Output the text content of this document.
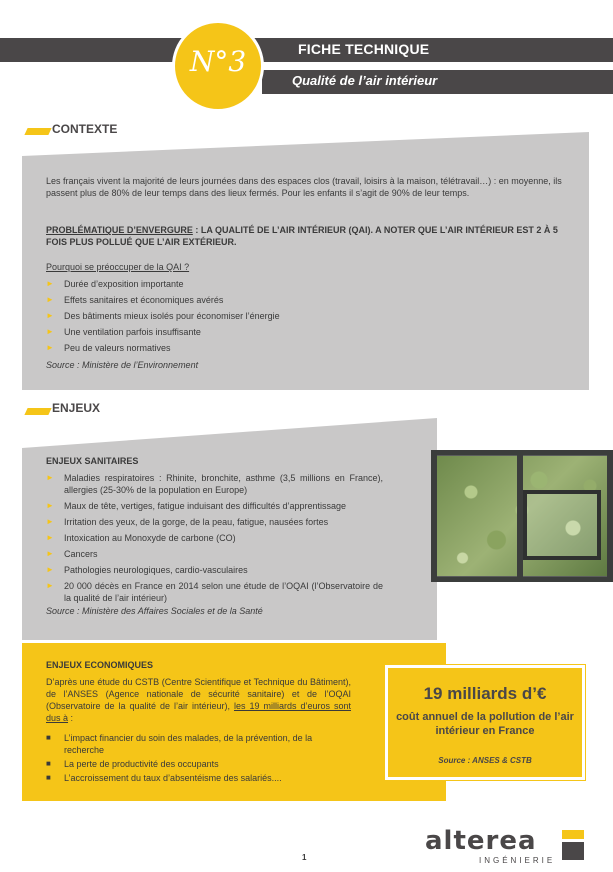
FICHE TECHNIQUE
Qualité de l’air intérieur
N°3
CONTEXTE
Les français vivent la majorité de leurs journées dans des espaces clos (travail, loisirs à la maison, télétravail…) : en moyenne, ils passent plus de 80% de leur temps dans des lieux fermés. Pour les enfants il s’agit de 90% de leur temps.
PROBLÉMATIQUE D’ENVERGURE : LA QUALITÉ DE L’AIR INTÉRIEUR (QAI). A NOTER QUE L’AIR INTÉRIEUR EST 2 À 5 FOIS PLUS POLLUÉ QUE L’AIR EXTÉRIEUR.
Pourquoi se préoccuper de la QAI ?
► Durée d’exposition importante
► Effets sanitaires et économiques avérés
► Des bâtiments mieux isolés pour économiser l’énergie
► Une ventilation parfois insuffisante
► Peu de valeurs normatives
Source : Ministère de l’Environnement
ENJEUX
ENJEUX SANITAIRES
► Maladies respiratoires : Rhinite, bronchite, asthme (3,5 millions en France), allergies (25-30% de la population en Europe)
► Maux de tête, vertiges, fatigue induisant des difficultés d’apprentissage
► Irritation des yeux, de la gorge, de la peau, fatigue, nausées fortes
► Intoxication au Monoxyde de carbone (CO)
► Cancers
► Pathologies neurologiques, cardio-vasculaires
► 20 000 décès en France en 2014 selon une étude de l’OQAI (l’Observatoire de la qualité de l’air intérieur)
Source : Ministère des Affaires Sociales et de la Santé
ENJEUX ECONOMIQUES
D’après une étude du CSTB (Centre Scientifique et Technique du Bâtiment), de l’ANSES (Agence nationale de sécurité sanitaire) et de l’OQAI (Observatoire de la qualité de l’air intérieur), les 19 milliards d’euros sont dus à :
■ L’impact financier du soin des malades, de la prévention, de la recherche
■ La perte de productivité des occupants
■ L’accroissement du taux d’absentéisme des salariés....
19 milliards d’€
coût annuel de la pollution de l’air intérieur en France
Source : ANSES & CSTB
1
alterea
INGÉNIERIE
